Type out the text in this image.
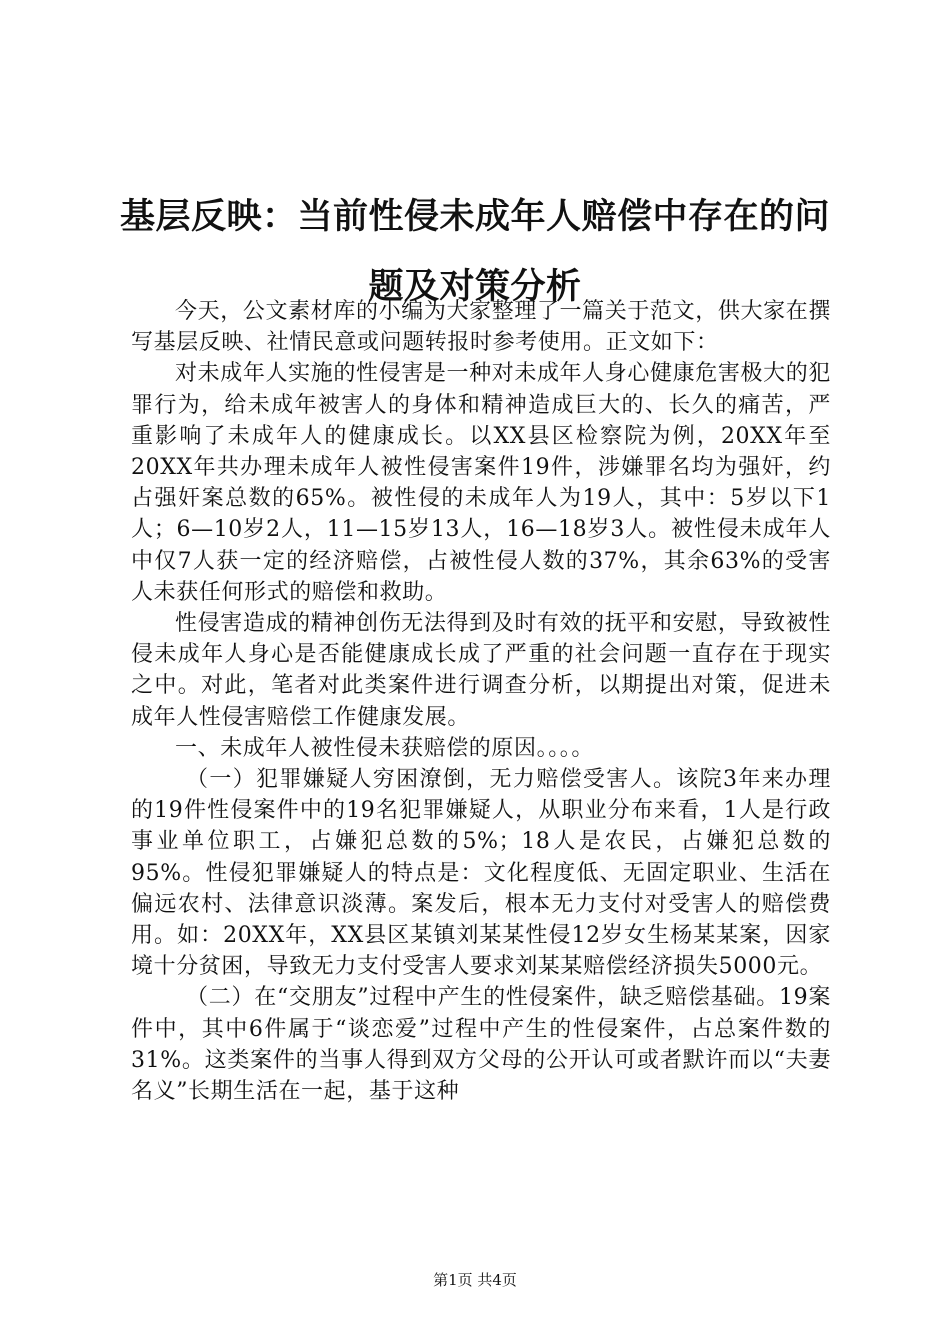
基层反映：当前性侵未成年人赔偿中存在的问题及对策分析

今天，公文素材库的小编为大家整理了一篇关于范文，供大家在撰写基层反映、社情民意或问题转报时参考使用。正文如下：

对未成年人实施的性侵害是一种对未成年人身心健康危害极大的犯罪行为，给未成年被害人的身体和精神造成巨大的、长久的痛苦，严重影响了未成年人的健康成长。以XX县区检察院为例，20XX年至20XX年共办理未成年人被性侵害案件19件，涉嫌罪名均为强奸，约占强奸案总数的65%。被性侵的未成年人为19人，其中：5岁以下1人；6—10岁2人，11—15岁13人，16—18岁3人。被性侵未成年人中仅7人获一定的经济赔偿，占被性侵人数的37%，其余63%的受害人未获任何形式的赔偿和救助。

性侵害造成的精神创伤无法得到及时有效的抚平和安慰，导致被性侵未成年人身心是否能健康成长成了严重的社会问题一直存在于现实之中。对此，笔者对此类案件进行调查分析，以期提出对策，促进未成年人性侵害赔偿工作健康发展。

一、未成年人被性侵未获赔偿的原因。。。。

（一）犯罪嫌疑人穷困潦倒，无力赔偿受害人。该院3年来办理的19件性侵案件中的19名犯罪嫌疑人，从职业分布来看，1人是行政事业单位职工，占嫌犯总数的5%；18人是农民，占嫌犯总数的95%。性侵犯罪嫌疑人的特点是：文化程度低、无固定职业、生活在偏远农村、法律意识淡薄。案发后，根本无力支付对受害人的赔偿费用。如：20XX年，XX县区某镇刘某某性侵12岁女生杨某某案，因家境十分贫困，导致无力支付受害人要求刘某某赔偿经济损失5000元。

（二）在“交朋友”过程中产生的性侵案件，缺乏赔偿基础。19案件中，其中6件属于“谈恋爱”过程中产生的性侵案件，占总案件数的31%。这类案件的当事人得到双方父母的公开认可或者默许而以“夫妻名义”长期生活在一起，基于这种

第1页 共4页
